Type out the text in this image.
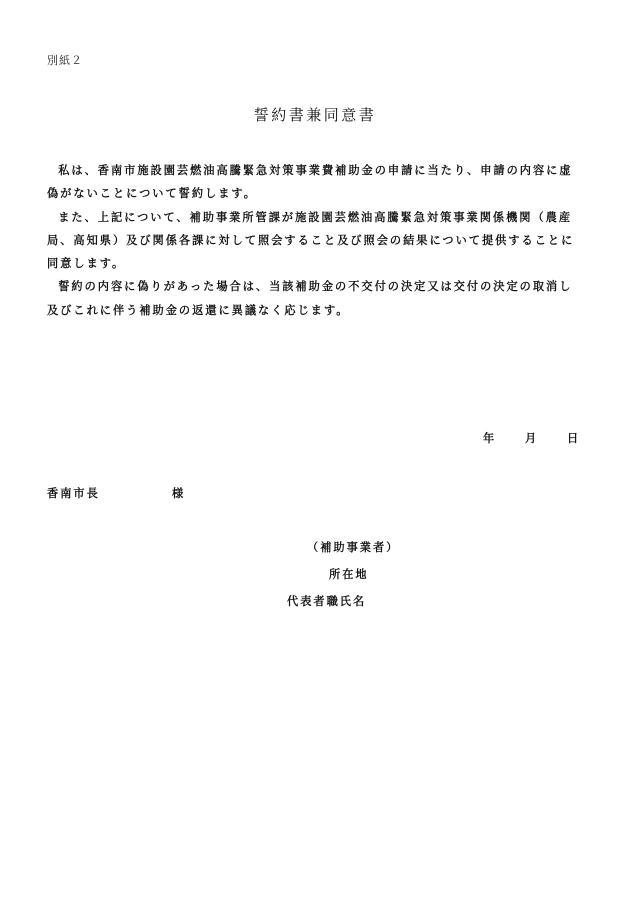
別紙２
誓約書兼同意書

私は、香南市施設園芸燃油高騰緊急対策事業費補助金の申請に当たり、申請の内容に虚偽がないことについて誓約します。

また、上記について、補助事業所管課が施設園芸燃油高騰緊急対策事業関係機関（農産局、高知県）及び関係各課に対して照会すること及び照会の結果について提供することに同意します。

誓約の内容に偽りがあった場合は、当該補助金の不交付の決定又は交付の決定の取消し及びこれに伴う補助金の返還に異議なく応じます。

年	月	日
香南市長	様
（補助事業者）
所在地
代表者職氏名
